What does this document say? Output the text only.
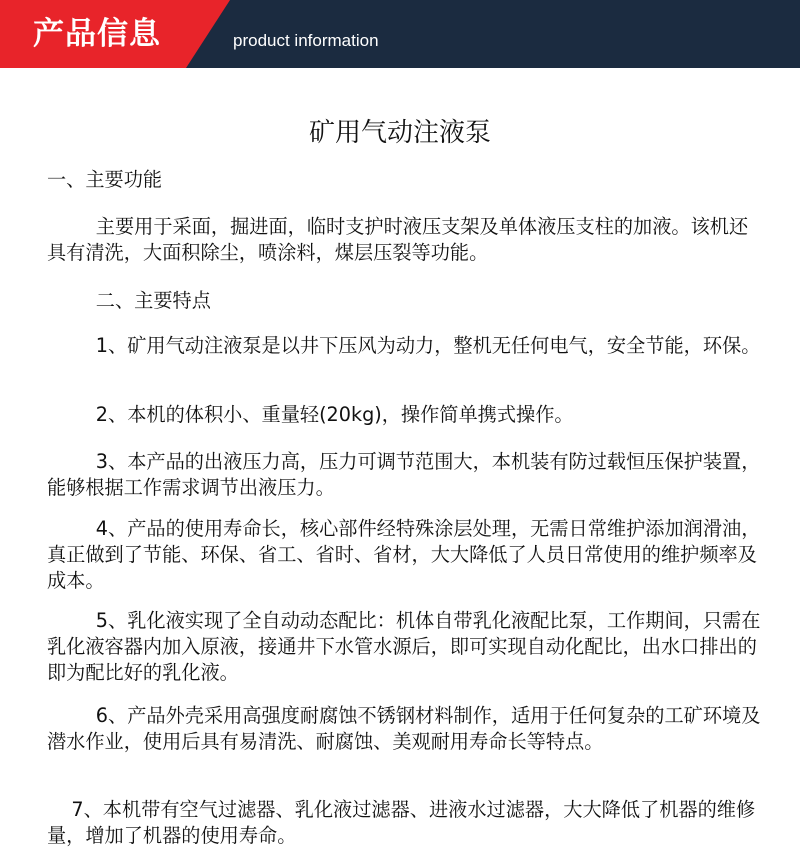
产品信息	product information
矿用气动注液泵
一、主要功能
主要用于采面，掘进面，临时支护时液压支架及单体液压支柱的加液。该机还具有清洗，大面积除尘，喷涂料，煤层压裂等功能。
二、主要特点
1、矿用气动注液泵是以井下压风为动力，整机无任何电气，安全节能，环保。
2、本机的体积小、重量轻(20kg)，操作简单携式操作。
3、本产品的出液压力高，压力可调节范围大，本机装有防过载恒压保护装置，能够根据工作需求调节出液压力。
4、产品的使用寿命长，核心部件经特殊涂层处理，无需日常维护添加润滑油，真正做到了节能、环保、省工、省时、省材，大大降低了人员日常使用的维护频率及成本。
5、乳化液实现了全自动动态配比：机体自带乳化液配比泵，工作期间，只需在乳化液容器内加入原液，接通井下水管水源后，即可实现自动化配比，出水口排出的即为配比好的乳化液。
6、产品外壳采用高强度耐腐蚀不锈钢材料制作，适用于任何复杂的工矿环境及潜水作业，使用后具有易清洗、耐腐蚀、美观耐用寿命长等特点。
7、本机带有空气过滤器、乳化液过滤器、进液水过滤器，大大降低了机器的维修量，增加了机器的使用寿命。
